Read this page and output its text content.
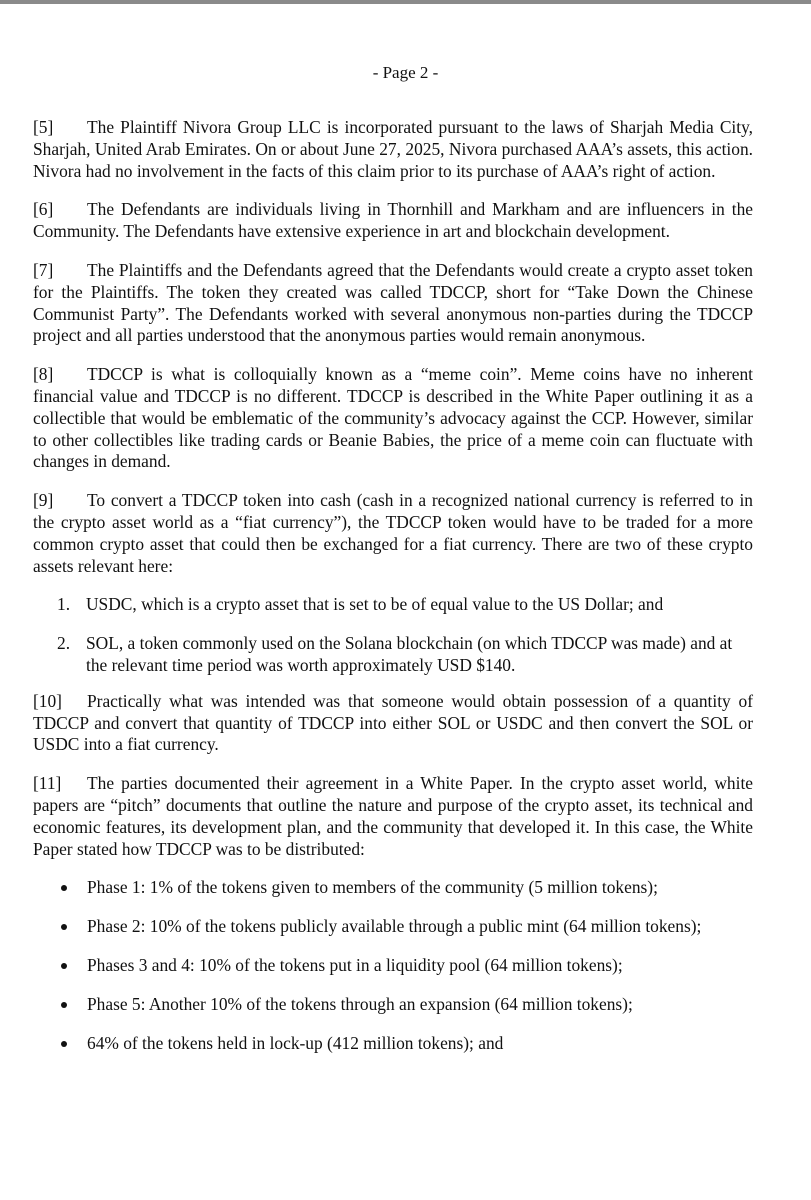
- Page 2 -

[5] The Plaintiff Nivora Group LLC is incorporated pursuant to the laws of Sharjah Media City, Sharjah, United Arab Emirates. On or about June 27, 2025, Nivora purchased AAA’s assets, this action. Nivora had no involvement in the facts of this claim prior to its purchase of AAA’s right of action.

[6] The Defendants are individuals living in Thornhill and Markham and are influencers in the Community. The Defendants have extensive experience in art and blockchain development.

[7] The Plaintiffs and the Defendants agreed that the Defendants would create a crypto asset token for the Plaintiffs. The token they created was called TDCCP, short for “Take Down the Chinese Communist Party”. The Defendants worked with several anonymous non-parties during the TDCCP project and all parties understood that the anonymous parties would remain anonymous.

[8] TDCCP is what is colloquially known as a “meme coin”. Meme coins have no inherent financial value and TDCCP is no different. TDCCP is described in the White Paper outlining it as a collectible that would be emblematic of the community’s advocacy against the CCP. However, similar to other collectibles like trading cards or Beanie Babies, the price of a meme coin can fluctuate with changes in demand.

[9] To convert a TDCCP token into cash (cash in a recognized national currency is referred to in the crypto asset world as a “fiat currency”), the TDCCP token would have to be traded for a more common crypto asset that could then be exchanged for a fiat currency. There are two of these crypto assets relevant here:

1. USDC, which is a crypto asset that is set to be of equal value to the US Dollar; and
2. SOL, a token commonly used on the Solana blockchain (on which TDCCP was made) and at the relevant time period was worth approximately USD $140.

[10] Practically what was intended was that someone would obtain possession of a quantity of TDCCP and convert that quantity of TDCCP into either SOL or USDC and then convert the SOL or USDC into a fiat currency.

[11] The parties documented their agreement in a White Paper. In the crypto asset world, white papers are “pitch” documents that outline the nature and purpose of the crypto asset, its technical and economic features, its development plan, and the community that developed it. In this case, the White Paper stated how TDCCP was to be distributed:

Phase 1: 1% of the tokens given to members of the community (5 million tokens);
Phase 2: 10% of the tokens publicly available through a public mint (64 million tokens);
Phases 3 and 4: 10% of the tokens put in a liquidity pool (64 million tokens);
Phase 5: Another 10% of the tokens through an expansion (64 million tokens);
64% of the tokens held in lock-up (412 million tokens); and
